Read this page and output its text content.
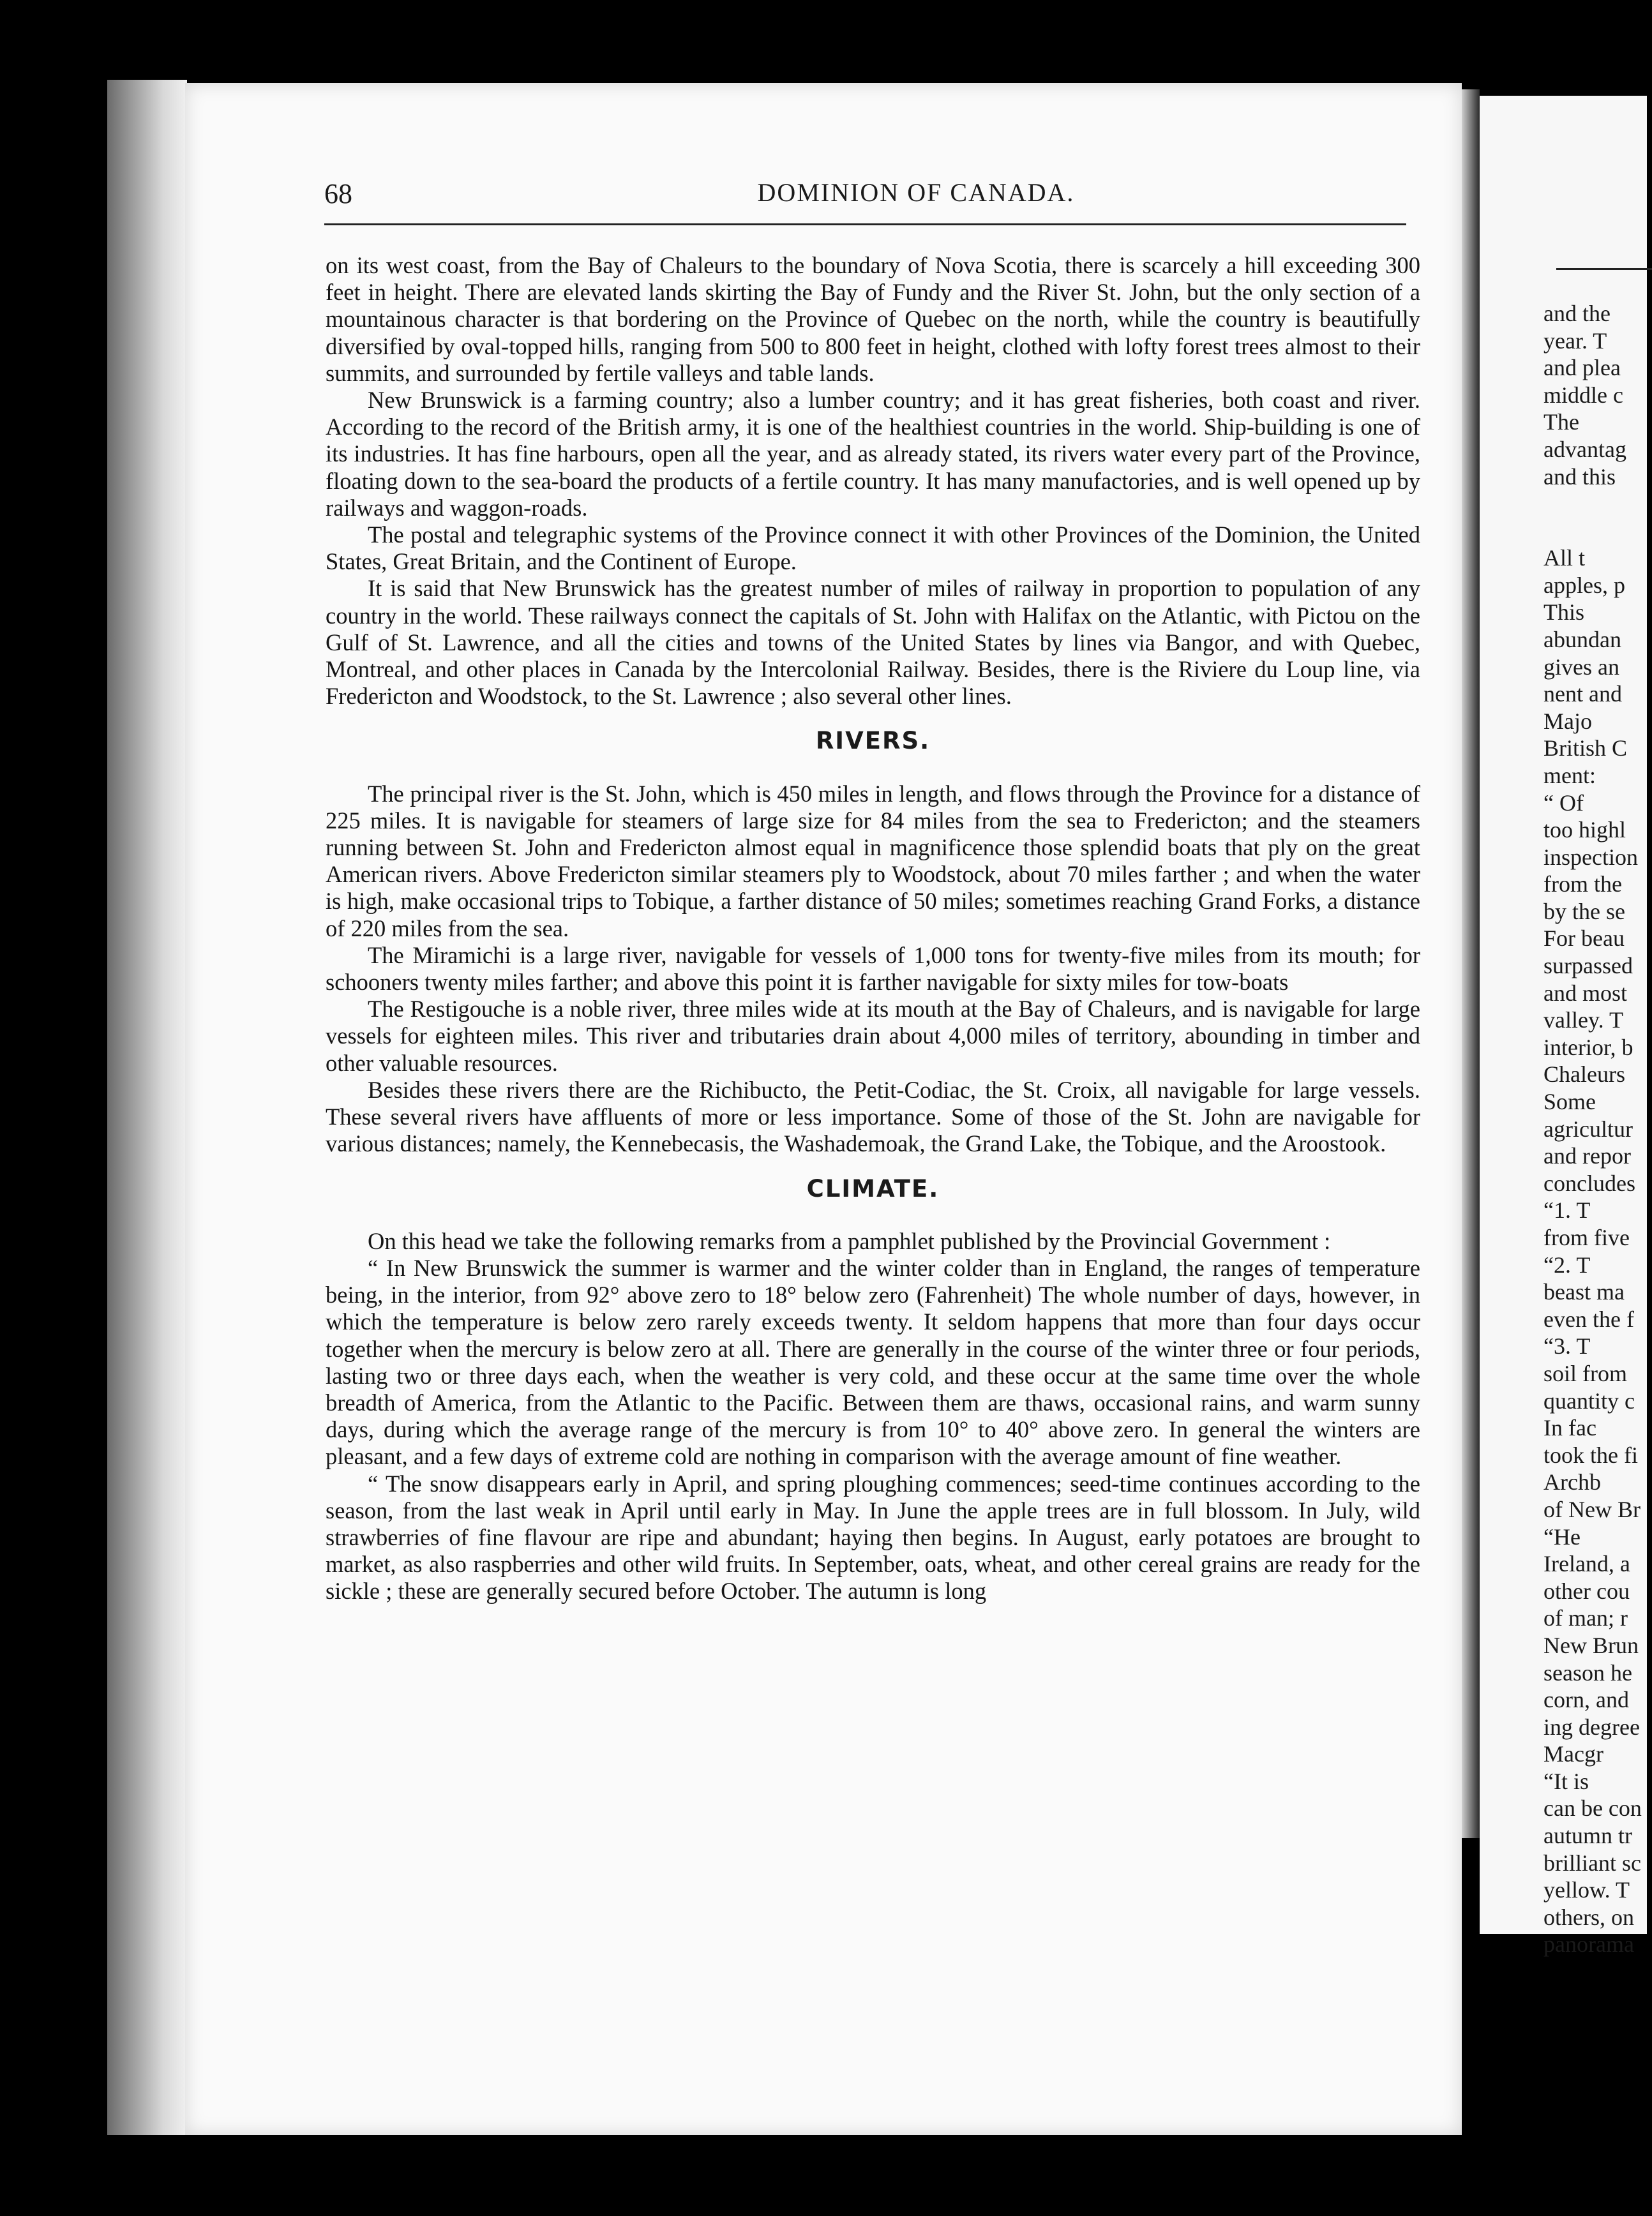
68	DOMINION OF CANADA.

on its west coast, from the Bay of Chaleurs to the boundary of Nova Scotia, there is scarcely a hill exceeding 300 feet in height. There are elevated lands skirting the Bay of Fundy and the River St. John, but the only section of a mountainous character is that bordering on the Province of Quebec on the north, while the country is beautifully diversified by oval-topped hills, ranging from 500 to 800 feet in height, clothed with lofty forest trees almost to their summits, and surrounded by fertile valleys and table lands.

New Brunswick is a farming country; also a lumber country; and it has great fisheries, both coast and river. According to the record of the British army, it is one of the healthiest countries in the world. Ship-building is one of its industries. It has fine harbours, open all the year, and as already stated, its rivers water every part of the Province, floating down to the sea-board the products of a fertile country. It has many manufactories, and is well opened up by railways and waggon-roads.

The postal and telegraphic systems of the Province connect it with other Provinces of the Dominion, the United States, Great Britain, and the Continent of Europe.

It is said that New Brunswick has the greatest number of miles of railway in proportion to population of any country in the world. These railways connect the capitals of St. John with Halifax on the Atlantic, with Pictou on the Gulf of St. Lawrence, and all the cities and towns of the United States by lines via Bangor, and with Quebec, Montreal, and other places in Canada by the Intercolonial Railway. Besides, there is the Riviere du Loup line, via Fredericton and Woodstock, to the St. Lawrence ; also several other lines.

RIVERS.

The principal river is the St. John, which is 450 miles in length, and flows through the Province for a distance of 225 miles. It is navigable for steamers of large size for 84 miles from the sea to Fredericton; and the steamers running between St. John and Fredericton almost equal in magnificence those splendid boats that ply on the great American rivers. Above Fredericton similar steamers ply to Woodstock, about 70 miles farther ; and when the water is high, make occasional trips to Tobique, a farther distance of 50 miles; sometimes reaching Grand Forks, a distance of 220 miles from the sea.

The Miramichi is a large river, navigable for vessels of 1,000 tons for twenty-five miles from its mouth; for schooners twenty miles farther; and above this point it is farther navigable for sixty miles for tow-boats

The Restigouche is a noble river, three miles wide at its mouth at the Bay of Chaleurs, and is navigable for large vessels for eighteen miles. This river and tributaries drain about 4,000 miles of territory, abounding in timber and other valuable resources.

Besides these rivers there are the Richibucto, the Petit-Codiac, the St. Croix, all navigable for large vessels. These several rivers have affluents of more or less importance. Some of those of the St. John are navigable for various distances; namely, the Kennebecasis, the Washademoak, the Grand Lake, the Tobique, and the Aroostook.

CLIMATE.

On this head we take the following remarks from a pamphlet published by the Provincial Government :

“ In New Brunswick the summer is warmer and the winter colder than in England, the ranges of temperature being, in the interior, from 92° above zero to 18° below zero (Fahrenheit) The whole number of days, however, in which the temperature is below zero rarely exceeds twenty. It seldom happens that more than four days occur together when the mercury is below zero at all. There are generally in the course of the winter three or four periods, lasting two or three days each, when the weather is very cold, and these occur at the same time over the whole breadth of America, from the Atlantic to the Pacific. Between them are thaws, occasional rains, and warm sunny days, during which the average range of the mercury is from 10° to 40° above zero. In general the winters are pleasant, and a few days of extreme cold are nothing in comparison with the average amount of fine weather.

“ The snow disappears early in April, and spring ploughing commences; seed-time continues according to the season, from the last weak in April until early in May. In June the apple trees are in full blossom. In July, wild strawberries of fine flavour are ripe and abundant; haying then begins. In August, early potatoes are brought to market, as also raspberries and other wild fruits. In September, oats, wheat, and other cereal grains are ready for the sickle ; these are generally secured before October. The autumn is long

and the
year. T
and plea
middle c
The
advantag
and this
All t
apples, p
This
abundan
gives an
nent and
Majo
British C
ment:
“ Of
too highl
inspection
from the
by the se
For beau
surpassed
and most
valley. T
interior, b
Chaleurs
Some
agricultur
and repor
concludes
“1. T
from five
“2. T
beast ma
even the f
“3. T
soil from
quantity c
In fac
took the fi
Archb
of New Br
“He
Ireland, a
other cou
of man; r
New Brun
season he
corn, and
ing degree
Macgr
“It is
can be con
autumn tr
brilliant sc
yellow. T
others, on
panorama
